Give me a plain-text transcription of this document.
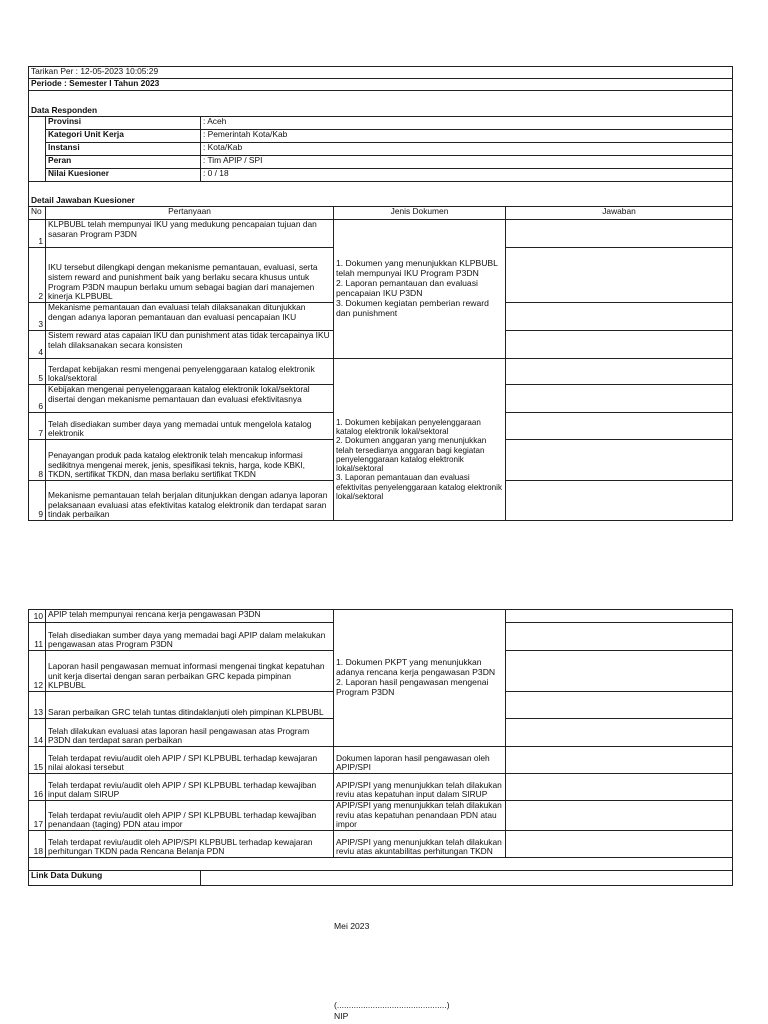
Tarikan Per : 12-05-2023 10:05:29				
Periode : Semester I Tahun 2023				

Data Responden				
	Provinsi	: Aceh		
	Kategori Unit Kerja	: Pemerintah Kota/Kab		
	Instansi	: Kota/Kab		
	Peran	: Tim APIP / SPI		
	Nilai Kuesioner	: 0 / 18		

Detail Jawaban Kuesioner				
No	Pertanyaan		Jenis Dokumen	Jawaban
1	KLPBUBL telah mempunyai IKU yang medukung pencapaian tujuan dan sasaran Program P3DN		1. Dokumen yang menunjukkan KLPBUBL telah mempunyai IKU Program P3DN
2. Laporan pemantauan dan evaluasi pencapaian IKU P3DN
3. Dokumen kegiatan pemberian reward dan punishment	
2	IKU tersebut dilengkapi dengan mekanisme pemantauan, evaluasi, serta sistem reward and punishment baik yang berlaku secara khusus untuk Program P3DN maupun berlaku umum sebagai bagian dari manajemen kinerja KLPBUBL			
3	Mekanisme pemantauan dan evaluasi telah dilaksanakan ditunjukkan dengan adanya laporan pemantauan dan evaluasi pencapaian IKU			
4	Sistem reward atas capaian IKU dan punishment atas tidak tercapainya IKU telah dilaksanakan secara konsisten			
5	Terdapat kebijakan resmi mengenai penyelenggaraan katalog elektronik lokal/sektoral		1. Dokumen kebijakan penyelenggaraan katalog elektronik lokal/sektoral
2. Dokumen anggaran yang menunjukkan telah tersedianya anggaran bagi kegiatan penyelenggaraan katalog elektronik lokal/sektoral
3. Laporan pemantauan dan evaluasi efektivitas penyelenggaraan katalog elektronik lokal/sektoral	
6	Kebijakan mengenai penyelenggaraan katalog elektronik lokal/sektoral disertai dengan mekanisme pemantauan dan evaluasi efektivitasnya			
7	Telah disediakan sumber daya yang memadai untuk mengelola katalog elektronik			
8	Penayangan produk pada katalog elektronik telah mencakup informasi sedikitnya mengenai merek, jenis, spesifikasi teknis, harga, kode KBKI, TKDN, sertifikat TKDN, dan masa berlaku sertifikat TKDN			
9	Mekanisme pemantauan telah berjalan ditunjukkan dengan adanya laporan pelaksanaan evaluasi atas efektivitas katalog elektronik dan terdapat saran tindak perbaikan			
10	APIP telah mempunyai rencana kerja pengawasan P3DN		1. Dokumen PKPT yang menunjukkan adanya rencana kerja pengawasan P3DN
2. Laporan hasil pengawasan mengenai Program P3DN	
11	Telah disediakan sumber daya yang memadai bagi APIP dalam melakukan pengawasan atas Program P3DN			
12	Laporan hasil pengawasan memuat informasi mengenai tingkat kepatuhan unit kerja disertai dengan saran perbaikan GRC kepada pimpinan KLPBUBL			
13	Saran perbaikan GRC telah tuntas ditindaklanjuti oleh pimpinan KLPBUBL			
14	Telah dilakukan evaluasi atas laporan hasil pengawasan atas Program P3DN dan terdapat saran perbaikan			
15	Telah terdapat reviu/audit oleh APIP / SPI KLPBUBL terhadap kewajaran nilai alokasi tersebut		Dokumen laporan hasil pengawasan oleh APIP/SPI	
16	Telah terdapat reviu/audit oleh APIP / SPI KLPBUBL terhadap kewajiban input dalam SIRUP		APIP/SPI yang menunjukkan telah dilakukan reviu atas kepatuhan input dalam SIRUP	
17	Telah terdapat reviu/audit oleh APIP / SPI KLPBUBL terhadap kewajiban penandaan (taging) PDN atau impor		APIP/SPI yang menunjukkan telah dilakukan reviu atas kepatuhan penandaan PDN atau impor	
18	Telah terdapat reviu/audit oleh APIP/SPI KLPBUBL terhadap kewajaran perhitungan TKDN pada Rencana Belanja PDN		APIP/SPI yang menunjukkan telah dilakukan reviu atas akuntabilitas perhitungan TKDN	

Link Data Dukung				
Mei 2023
(..............................................)
NIP
